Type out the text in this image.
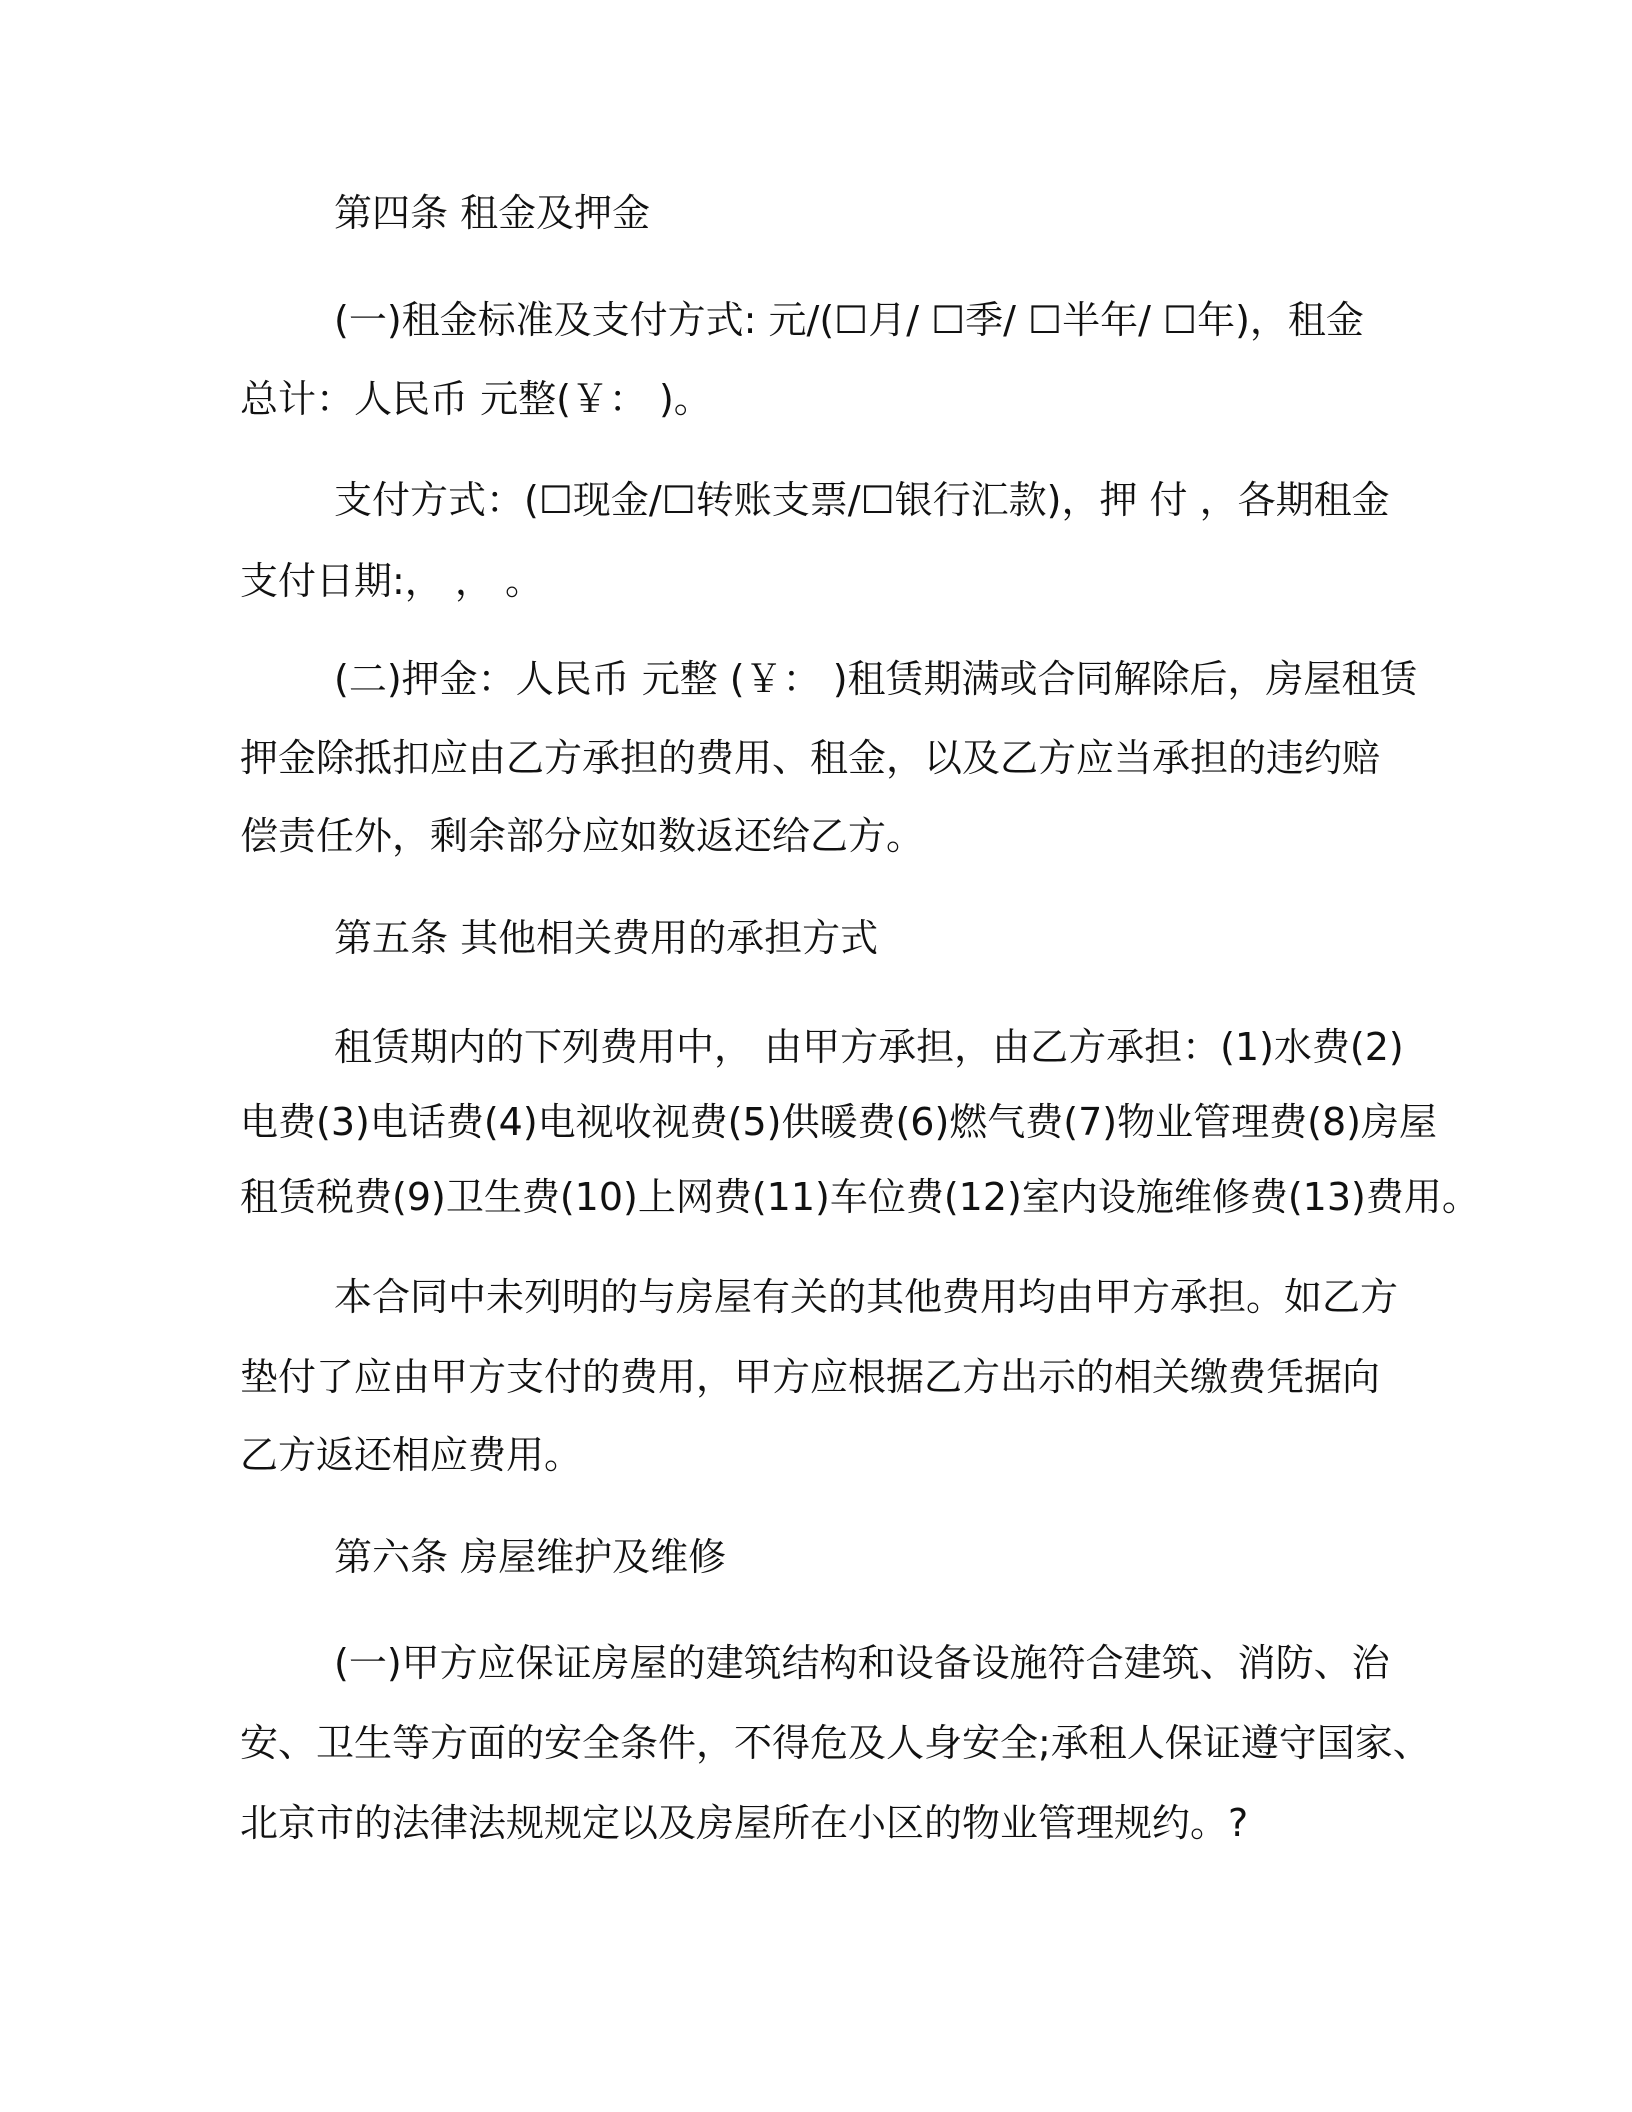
第四条 租金及押金

(一)租金标准及支付方式: 元/(☐月/ ☐季/ ☐半年/ ☐年)，租金

总计：人民币 元整(￥： )。

支付方式：(☐现金/☐转账支票/☐银行汇款)，押 付 ，各期租金

支付日期:， ， 。

(二)押金：人民币 元整 (￥： )租赁期满或合同解除后，房屋租赁

押金除抵扣应由乙方承担的费用、租金，以及乙方应当承担的违约赔

偿责任外，剩余部分应如数返还给乙方。

第五条 其他相关费用的承担方式

租赁期内的下列费用中， 由甲方承担，由乙方承担：(1)水费(2)

电费(3)电话费(4)电视收视费(5)供暖费(6)燃气费(7)物业管理费(8)房屋

租赁税费(9)卫生费(10)上网费(11)车位费(12)室内设施维修费(13)费用。

本合同中未列明的与房屋有关的其他费用均由甲方承担。如乙方

垫付了应由甲方支付的费用，甲方应根据乙方出示的相关缴费凭据向

乙方返还相应费用。

第六条 房屋维护及维修

(一)甲方应保证房屋的建筑结构和设备设施符合建筑、消防、治

安、卫生等方面的安全条件，不得危及人身安全;承租人保证遵守国家、

北京市的法律法规规定以及房屋所在小区的物业管理规约。?
